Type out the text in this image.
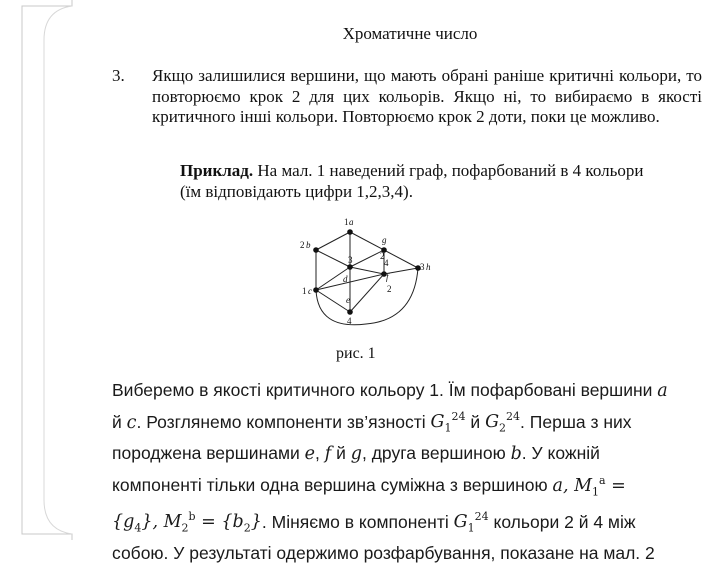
Хроматичне число
3. Якщо залишилися вершини, що мають обрані раніше критичні кольори, то повторюємо крок 2 для цих кольорів. Якщо ні, то вибираємо в якості критичного інші кольори. Повторюємо крок 2 доти, поки це можливо.
Приклад. На мал. 1 наведений граф, пофарбований в 4 кольори (їм відповідають цифри 1,2,3,4).
1 a
g
2
2 b
3
d
4
f
3 h
1 c
e
2
4
рис. 1

Виберемо в якості критичного кольору 1. Їм пофарбовані вершини a

й c. Розглянемо компоненти зв’язності $G_1^{24}$ й $G_2^{24}$. Перша з них

породжена вершинами e, f й g, друга вершиною b. У кожній

компоненті тільки одна вершина суміжна з вершиною a, $M_1^a$ =

$\{g_4\}$, $M_2^b = \{b_2\}$. Міняємо в компоненті $G_1^{24}$ кольори 2 й 4 між

собою. У результаті одержимо розфарбування, показане на мал. 2
